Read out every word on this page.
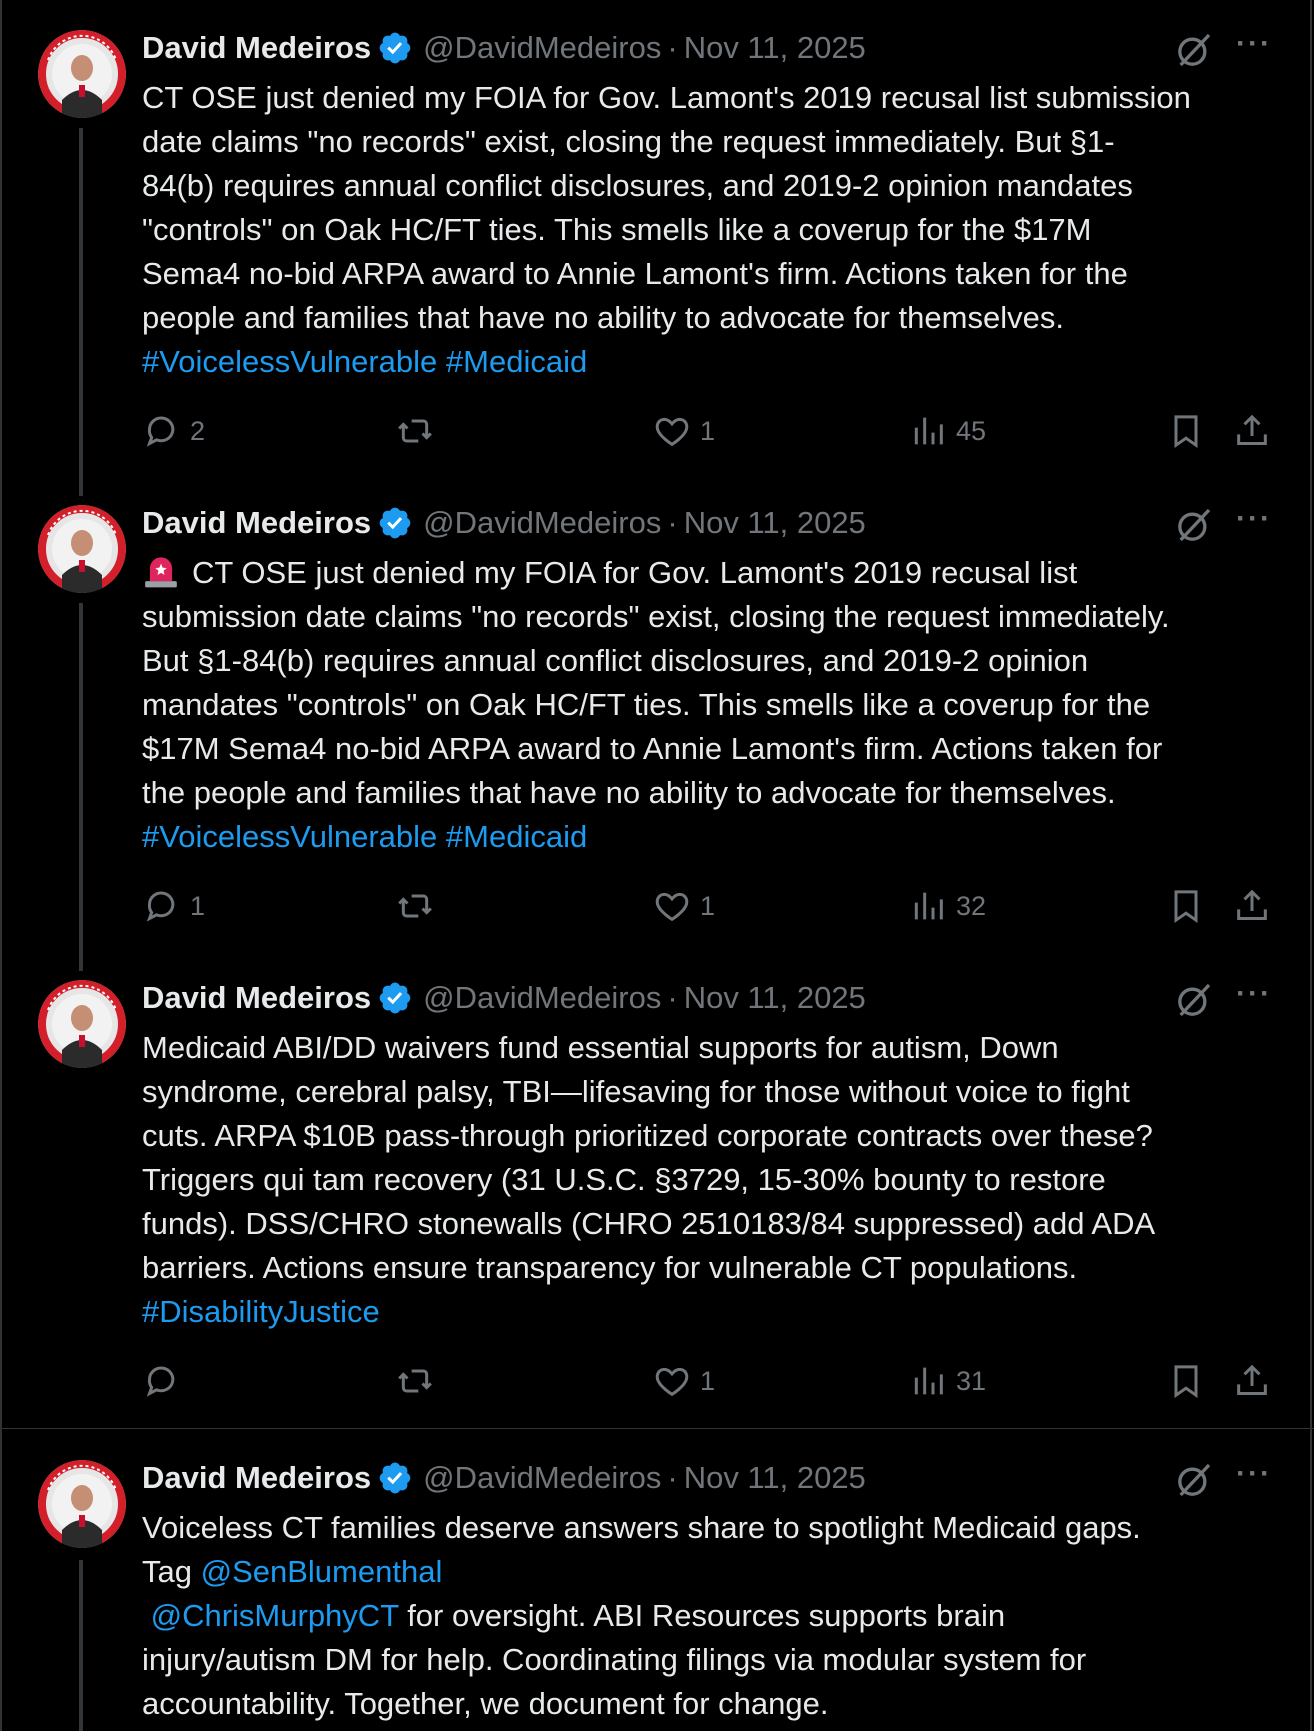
David Medeiros @DavidMedeiros · Nov 11, 2025	···
CT OSE just denied my FOIA for Gov. Lamont's 2019 recusal list submission
date claims "no records" exist, closing the request immediately. But §1-
84(b) requires annual conflict disclosures, and 2019-2 opinion mandates
"controls" on Oak HC/FT ties. This smells like a coverup for the $17M
Sema4 no-bid ARPA award to Annie Lamont's firm. Actions taken for the
people and families that have no ability to advocate for themselves.
#VoicelessVulnerable #Medicaid
2	1	45
David Medeiros @DavidMedeiros · Nov 11, 2025	···
CT OSE just denied my FOIA for Gov. Lamont's 2019 recusal list
submission date claims "no records" exist, closing the request immediately.
But §1-84(b) requires annual conflict disclosures, and 2019-2 opinion
mandates "controls" on Oak HC/FT ties. This smells like a coverup for the
$17M Sema4 no-bid ARPA award to Annie Lamont's firm. Actions taken for
the people and families that have no ability to advocate for themselves.
#VoicelessVulnerable #Medicaid
1	1	32
David Medeiros @DavidMedeiros · Nov 11, 2025	···
Medicaid ABI/DD waivers fund essential supports for autism, Down
syndrome, cerebral palsy, TBI—lifesaving for those without voice to fight
cuts. ARPA $10B pass-through prioritized corporate contracts over these?
Triggers qui tam recovery (31 U.S.C. §3729, 15-30% bounty to restore
funds). DSS/CHRO stonewalls (CHRO 2510183/84 suppressed) add ADA
barriers. Actions ensure transparency for vulnerable CT populations.
#DisabilityJustice
1	31
David Medeiros @DavidMedeiros · Nov 11, 2025	···
Voiceless CT families deserve answers share to spotlight Medicaid gaps.
Tag @SenBlumenthal
@ChrisMurphyCT for oversight. ABI Resources supports brain
injury/autism DM for help. Coordinating filings via modular system for
accountability. Together, we document for change.
